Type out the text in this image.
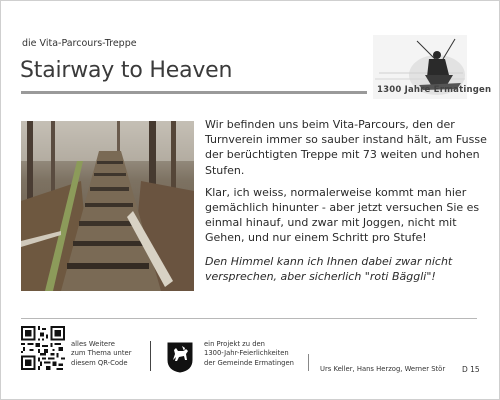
die Vita-Parcours-Treppe
Stairway to Heaven
1300 Jahre Ermatingen

Wir befinden uns beim Vita-Parcours, den der Turnverein immer so sauber instand hält, am Fusse der berüchtigten Treppe mit 73 weiten und hohen Stufen.

Klar, ich weiss, normalerweise kommt man hier gemächlich hinunter - aber jetzt versuchen Sie es einmal hinauf, und zwar mit Joggen, nicht mit Gehen, und nur einem Schritt pro Stufe!

Den Himmel kann ich Ihnen dabei zwar nicht versprechen, aber sicherlich "roti Bäggli"!

alles Weitere
zum Thema unter
diesem QR-Code
ein Projekt zu den
1300-Jahr-Feierlichkeiten
der Gemeinde Ermatingen
Urs Keller, Hans Herzog, Werner Stör D 15
